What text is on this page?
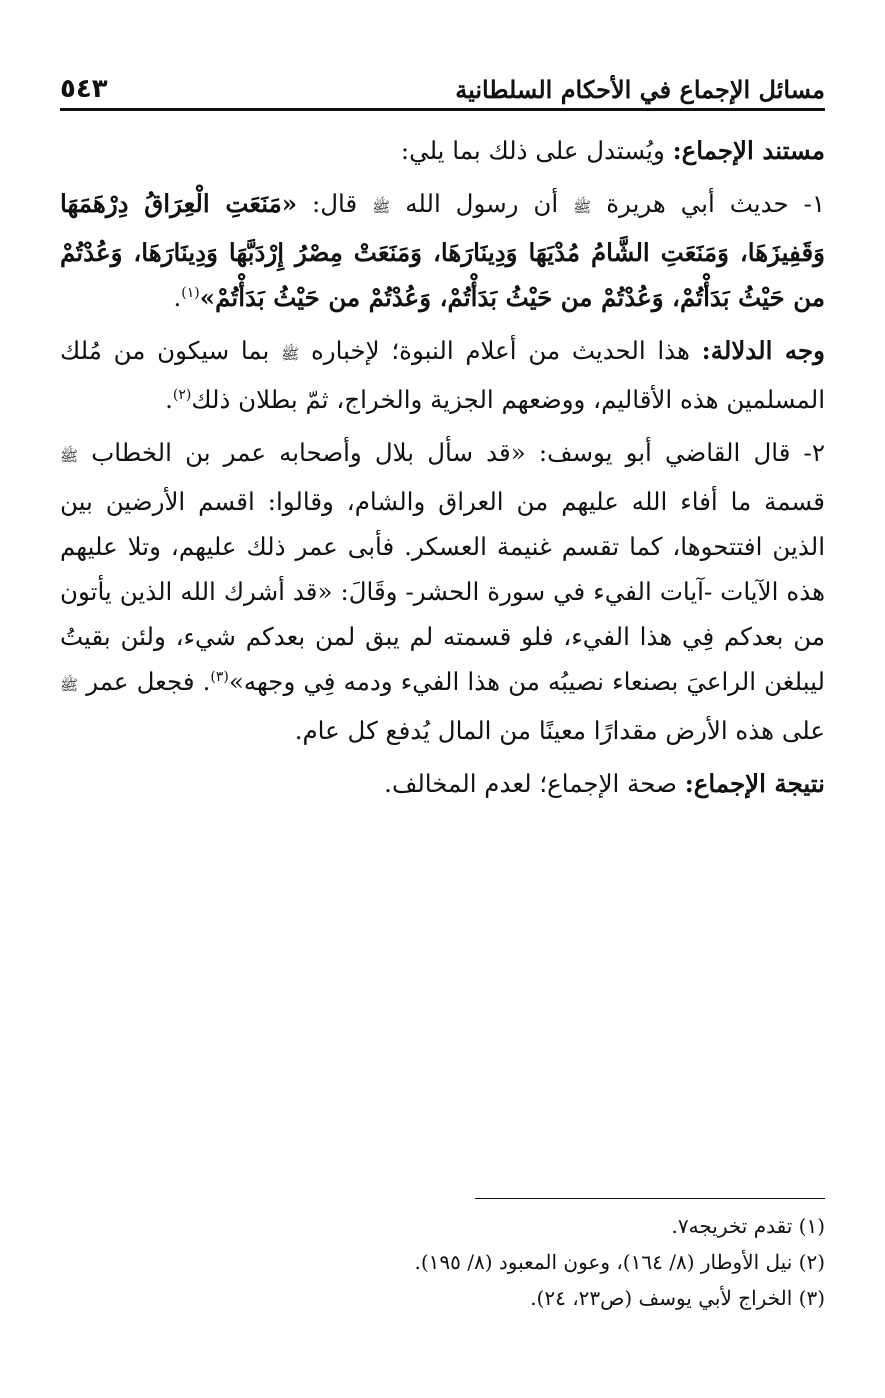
مسائل الإجماع في الأحكام السلطانية
٥٤٣

مستند الإجماع: ويُستدل على ذلك بما يلي:

١- حديث أبي هريرة ﷺ أن رسول الله ﷺ قال: «مَنَعَتِ الْعِرَاقُ دِرْهَمَهَا وَقَفِيزَهَا، وَمَنَعَتِ الشَّامُ مُدْيَهَا وَدِينَارَهَا، وَمَنَعَتْ مِصْرُ إِرْدَبَّهَا وَدِينَارَهَا، وَعُدْتُمْ من حَيْثُ بَدَأْتُمْ، وَعُدْتُمْ من حَيْثُ بَدَأْتُمْ، وَعُدْتُمْ من حَيْثُ بَدَأْتُمْ»$^{(١)}$.

وجه الدلالة: هذا الحديث من أعلام النبوة؛ لإخباره ﷺ بما سيكون من مُلك المسلمين هذه الأقاليم، ووضعهم الجزية والخراج، ثمّ بطلان ذلك$^{(٢)}$.

٢- قال القاضي أبو يوسف: «قد سأل بلال وأصحابه عمر بن الخطاب ﷺ قسمة ما أفاء الله عليهم من العراق والشام، وقالوا: اقسم الأرضين بين الذين افتتحوها، كما تقسم غنيمة العسكر. فأبى عمر ذلك عليهم، وتلا عليهم هذه الآيات -آيات الفيء في سورة الحشر- وقَالَ: «قد أشرك الله الذين يأتون من بعدكم فِي هذا الفيء، فلو قسمته لم يبق لمن بعدكم شيء، ولئن بقيتُ ليبلغن الراعيَ بصنعاء نصيبُه من هذا الفيء ودمه فِي وجهه»$^{(٣)}$. فجعل عمر ﷺ على هذه الأرض مقدارًا معينًا من المال يُدفع كل عام.

نتيجة الإجماع: صحة الإجماع؛ لعدم المخالف.

(١) تقدم تخريجه٧.
(٢) نيل الأوطار (٨/ ١٦٤)، وعون المعبود (٨/ ١٩٥).
(٣) الخراج لأبي يوسف (ص٢٣، ٢٤).
